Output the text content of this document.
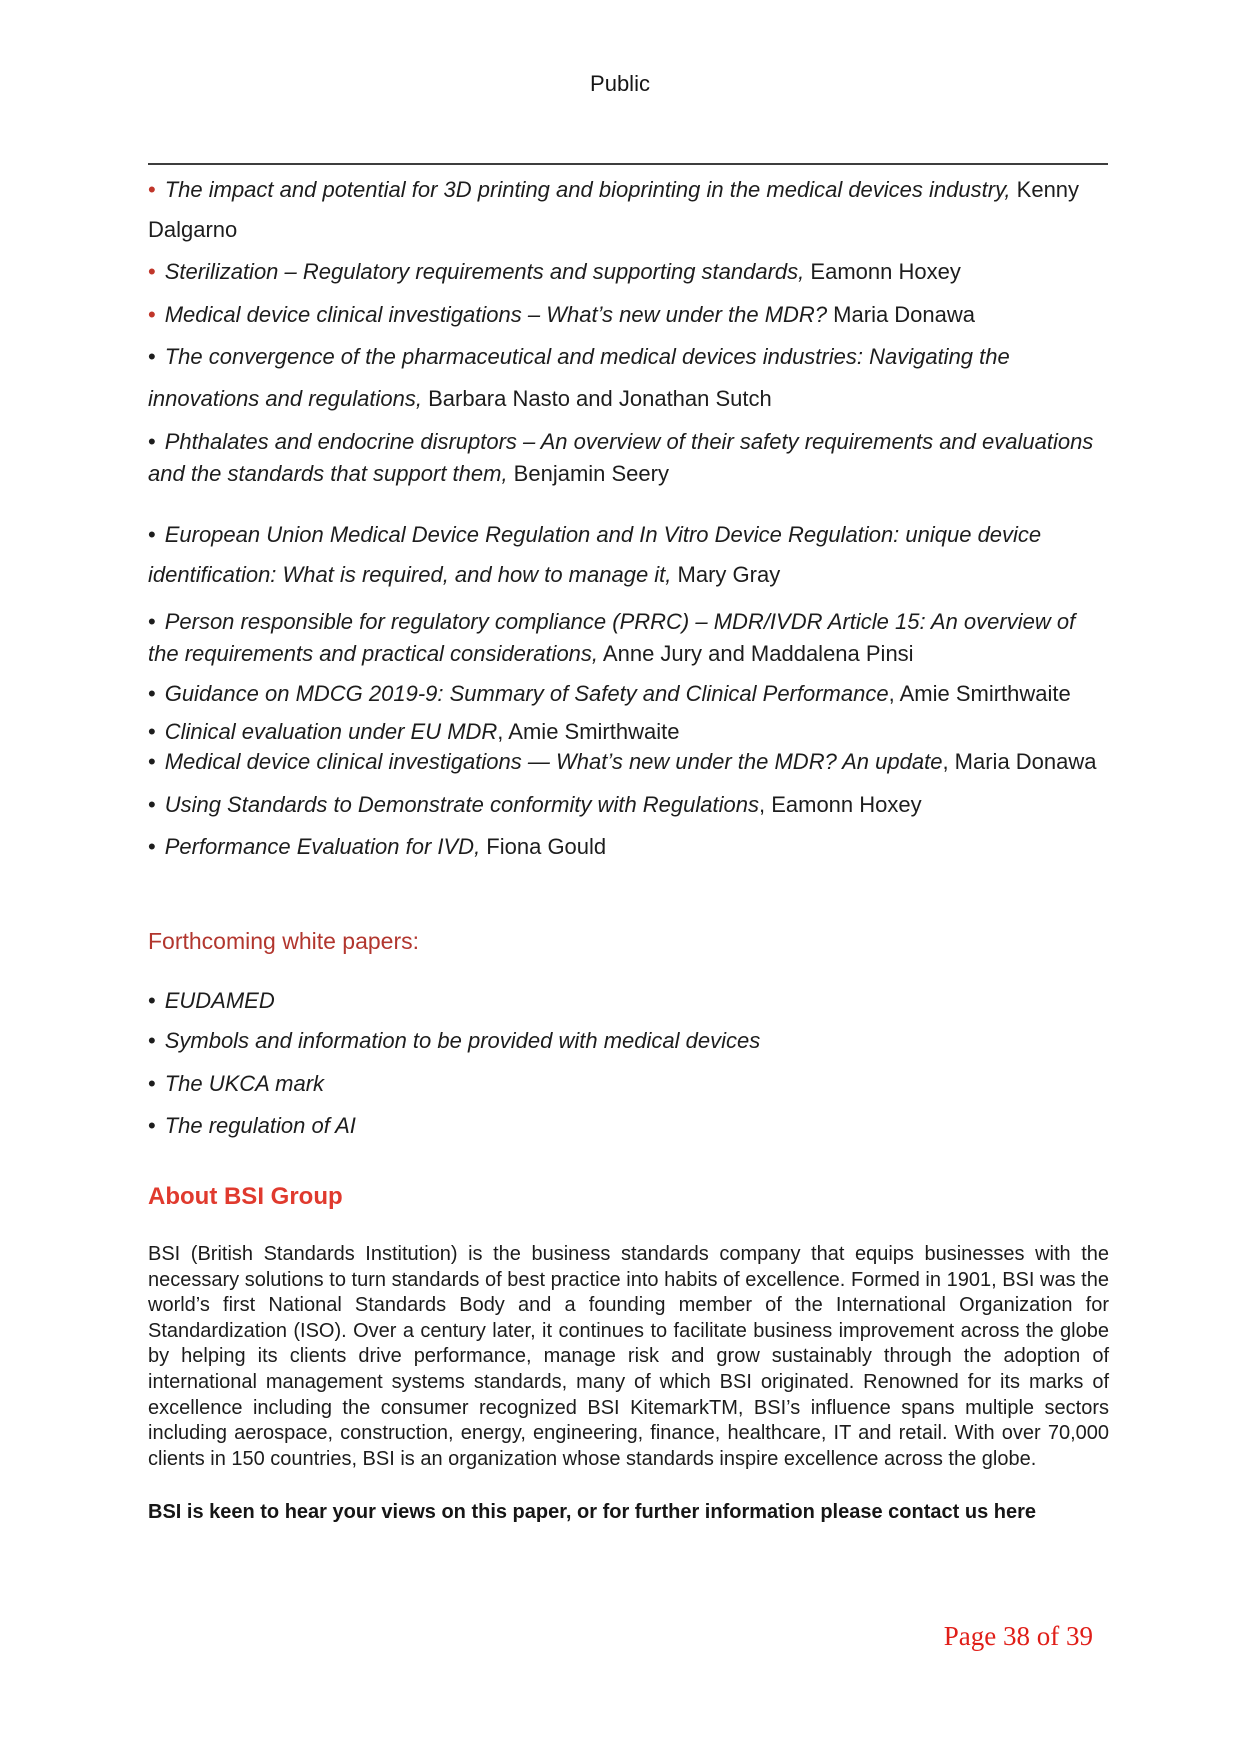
Public

• The impact and potential for 3D printing and bioprinting in the medical devices industry, Kenny Dalgarno

• Sterilization – Regulatory requirements and supporting standards, Eamonn Hoxey

• Medical device clinical investigations – What’s new under the MDR? Maria Donawa

• The convergence of the pharmaceutical and medical devices industries: Navigating the innovations and regulations, Barbara Nasto and Jonathan Sutch

• Phthalates and endocrine disruptors – An overview of their safety requirements and evaluations and the standards that support them, Benjamin Seery

• European Union Medical Device Regulation and In Vitro Device Regulation: unique device identification: What is required, and how to manage it, Mary Gray

• Person responsible for regulatory compliance (PRRC) – MDR/IVDR Article 15: An overview of the requirements and practical considerations, Anne Jury and Maddalena Pinsi

• Guidance on MDCG 2019-9: Summary of Safety and Clinical Performance, Amie Smirthwaite

• Clinical evaluation under EU MDR, Amie Smirthwaite

• Medical device clinical investigations — What’s new under the MDR? An update, Maria Donawa

• Using Standards to Demonstrate conformity with Regulations, Eamonn Hoxey

• Performance Evaluation for IVD, Fiona Gould

Forthcoming white papers:

• EUDAMED

• Symbols and information to be provided with medical devices

• The UKCA mark

• The regulation of AI

About BSI Group

BSI (British Standards Institution) is the business standards company that equips businesses with the necessary solutions to turn standards of best practice into habits of excellence. Formed in 1901, BSI was the world’s first National Standards Body and a founding member of the International Organization for Standardization (ISO). Over a century later, it continues to facilitate business improvement across the globe by helping its clients drive performance, manage risk and grow sustainably through the adoption of international management systems standards, many of which BSI originated. Renowned for its marks of excellence including the consumer recognized BSI KitemarkTM, BSI’s influence spans multiple sectors including aerospace, construction, energy, engineering, finance, healthcare, IT and retail. With over 70,000 clients in 150 countries, BSI is an organization whose standards inspire excellence across the globe.

BSI is keen to hear your views on this paper, or for further information please contact us here

Page 38 of 39
